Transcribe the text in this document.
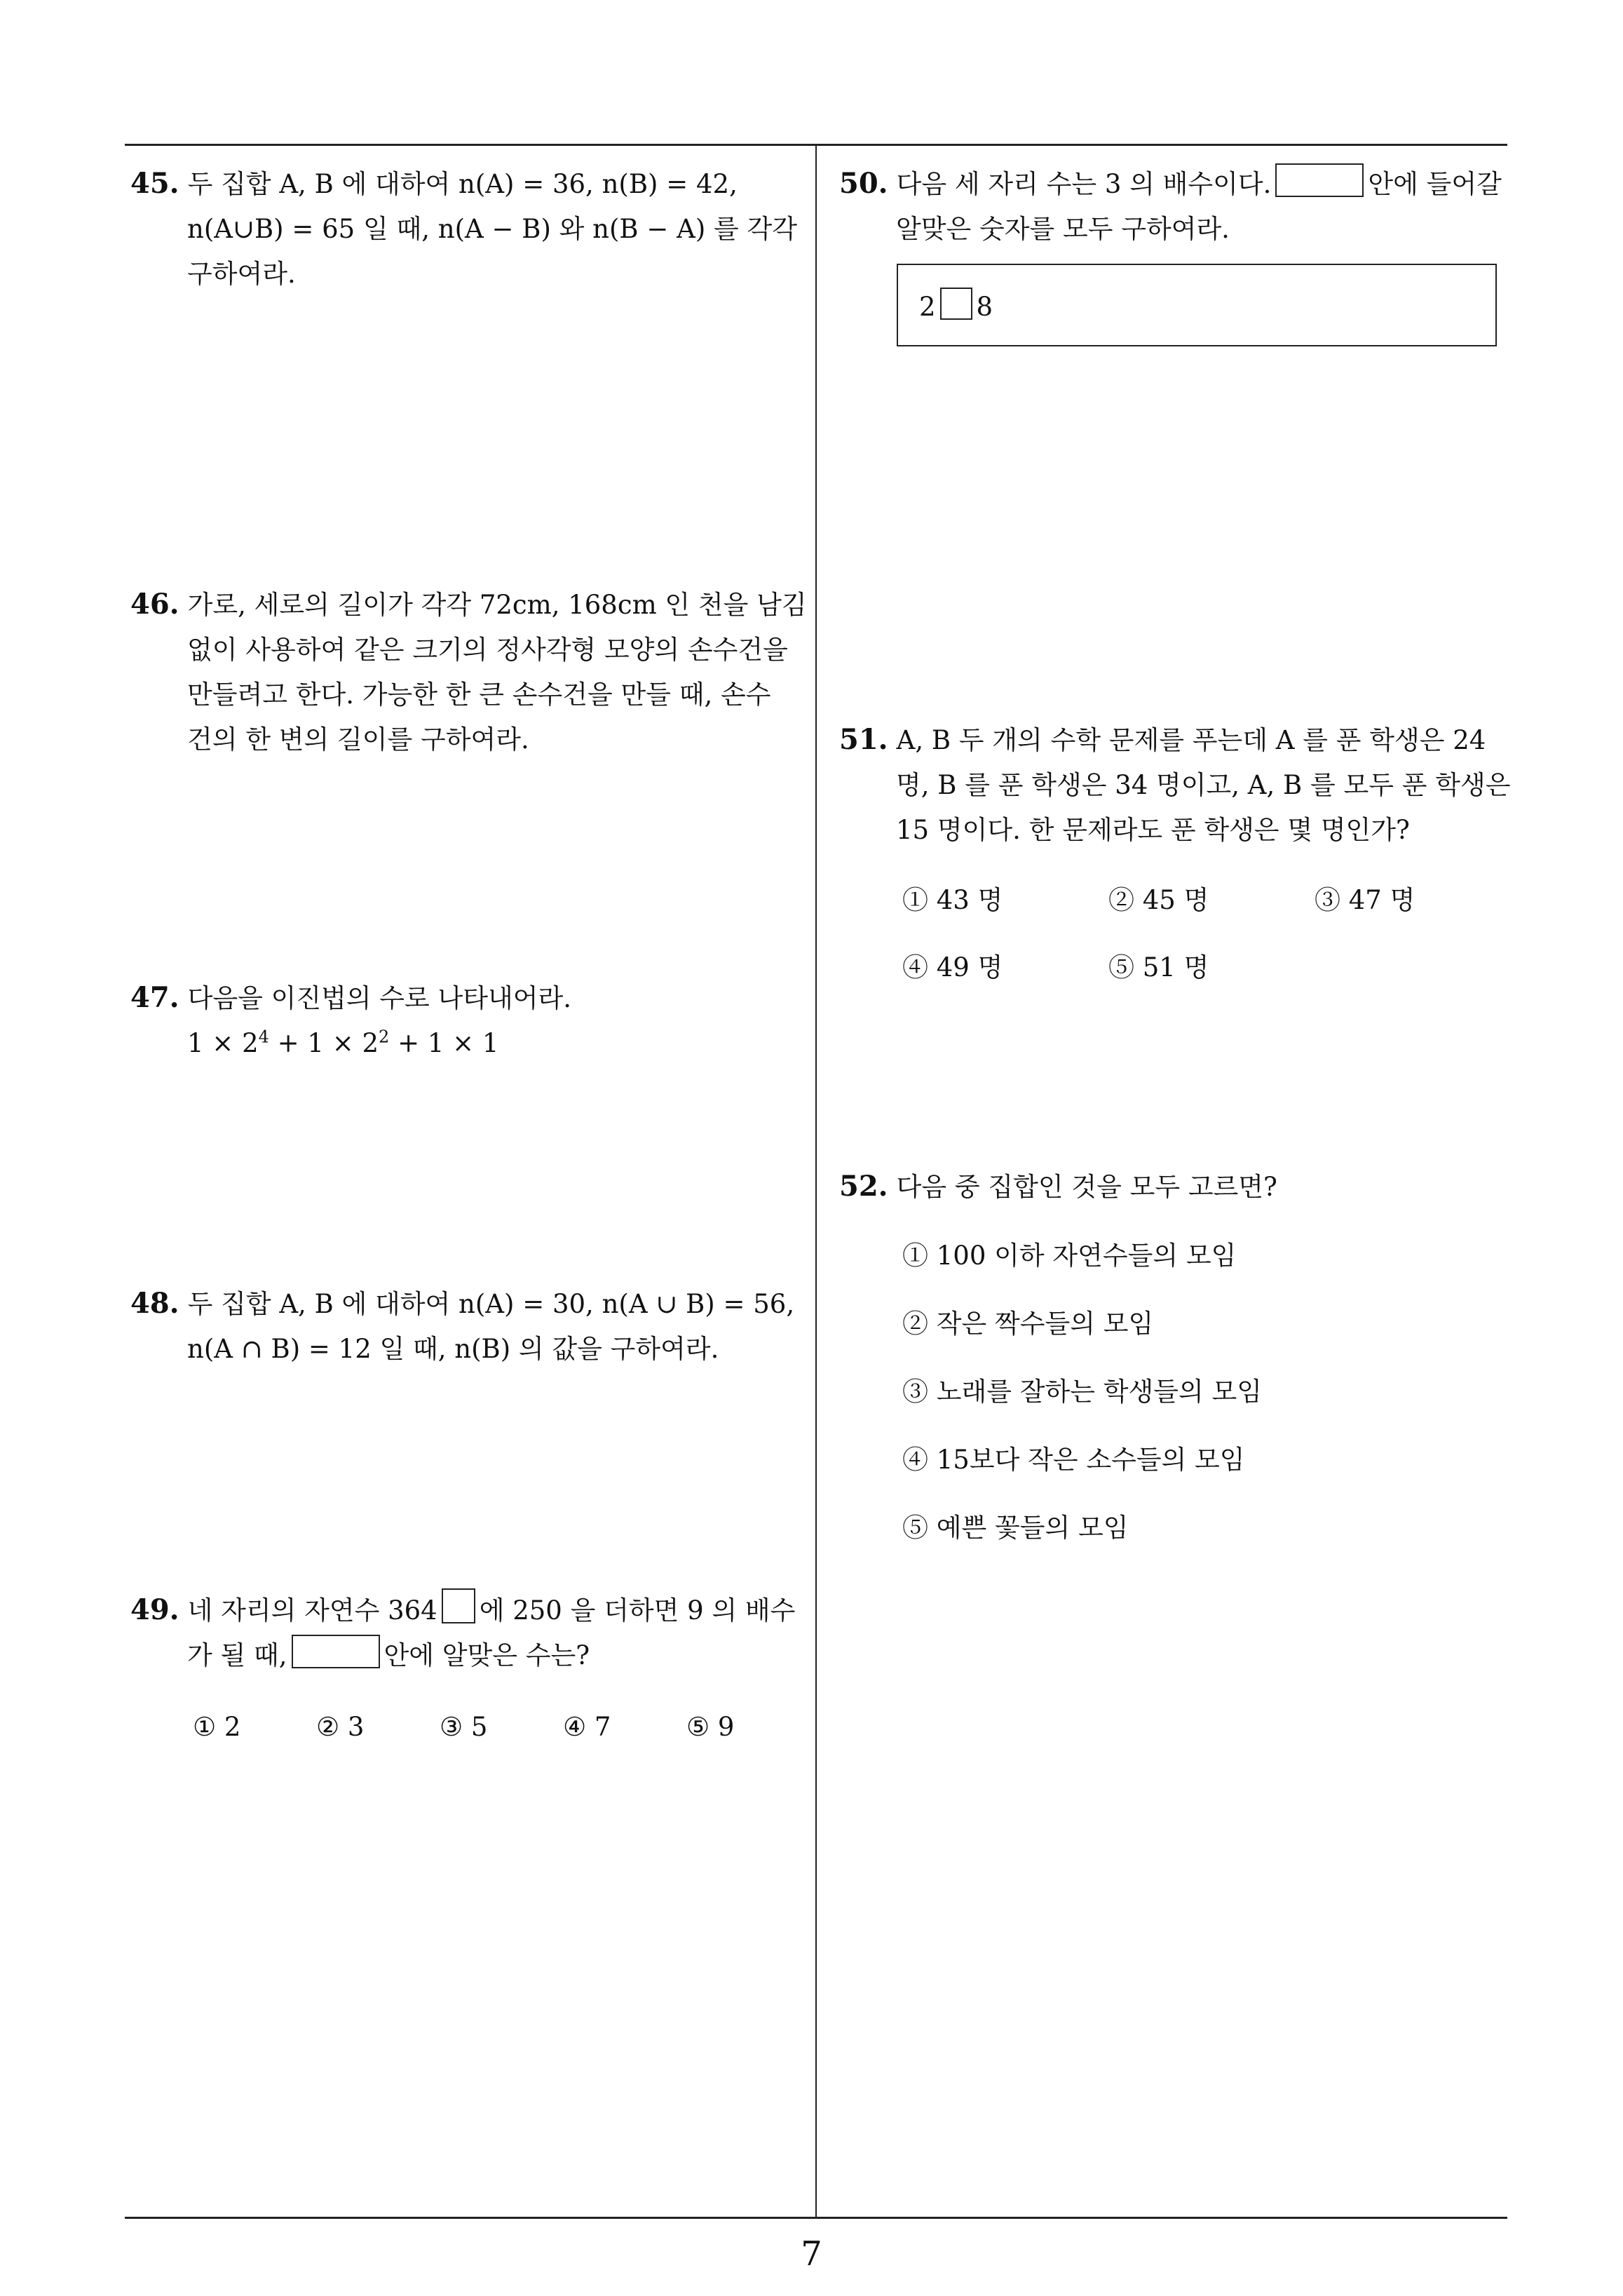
45. 두 집합 A, B 에 대하여 n(A) = 36, n(B) = 42,
n(A∪B) = 65 일 때, n(A − B) 와 n(B − A) 를 각각
구하여라.
46. 가로, 세로의 길이가 각각 72cm, 168cm 인 천을 남김
없이 사용하여 같은 크기의 정사각형 모양의 손수건을
만들려고 한다. 가능한 한 큰 손수건을 만들 때, 손수
건의 한 변의 길이를 구하여라.
47. 다음을 이진법의 수로 나타내어라.
$1 \times 2^4 + 1 \times 2^2 + 1 \times 1$
48. 두 집합 A, B 에 대하여 n(A) = 30, n(A ∪ B) = 56,
n(A ∩ B) = 12 일 때, n(B) 의 값을 구하여라.
49. 네 자리의 자연수 364 에 250 을 더하면 9 의 배수
가 될 때,	안에 알맞은 수는?
① 2	② 3	③ 5	④ 7	⑤ 9
50. 다음 세 자리 수는 3 의 배수이다.	안에 들어갈
알맞은 숫자를 모두 구하여라.
2 8
51. A, B 두 개의 수학 문제를 푸는데 A 를 푼 학생은 24
명, B 를 푼 학생은 34 명이고, A, B 를 모두 푼 학생은
15 명이다. 한 문제라도 푼 학생은 몇 명인가?
① 43 명	② 45 명	③ 47 명
④ 49 명	⑤ 51 명
52. 다음 중 집합인 것을 모두 고르면?
① 100 이하 자연수들의 모임
② 작은 짝수들의 모임
③ 노래를 잘하는 학생들의 모임
④ 15보다 작은 소수들의 모임
⑤ 예쁜 꽃들의 모임
7
